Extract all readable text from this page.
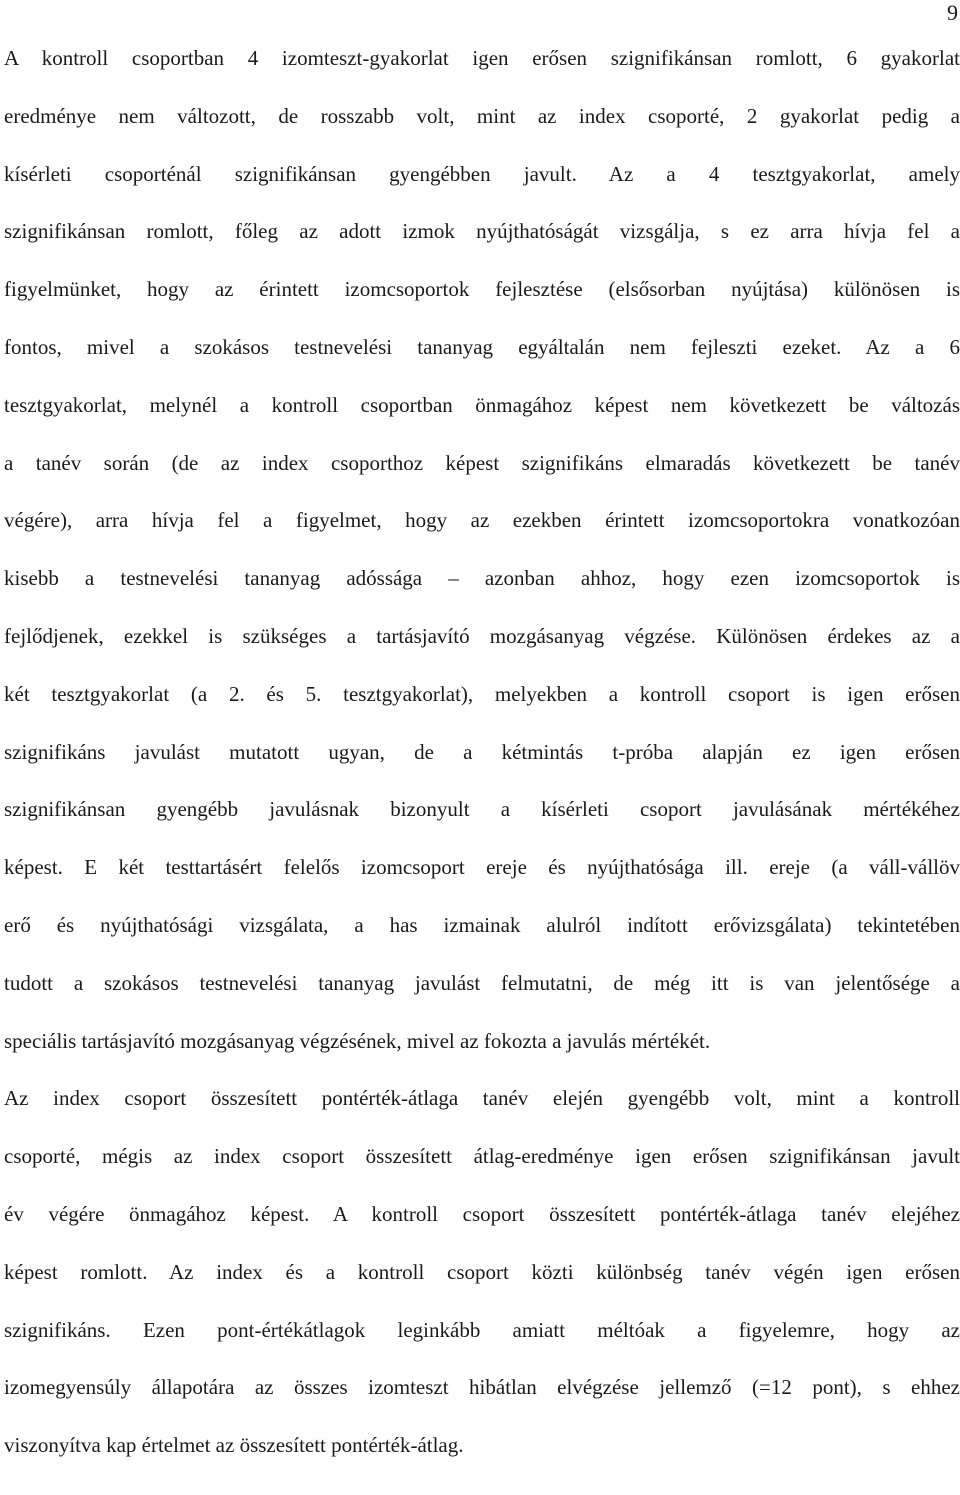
9

A kontroll csoportban 4 izomteszt-gyakorlat igen erősen szignifikánsan romlott, 6 gyakorlat
eredménye nem változott, de rosszabb volt, mint az index csoporté, 2 gyakorlat pedig a
kísérleti csoporténál szignifikánsan gyengébben javult. Az a 4 tesztgyakorlat, amely
szignifikánsan romlott, főleg az adott izmok nyújthatóságát vizsgálja, s ez arra hívja fel a
figyelmünket, hogy az érintett izomcsoportok fejlesztése (elsősorban nyújtása) különösen is
fontos, mivel a szokásos testnevelési tananyag egyáltalán nem fejleszti ezeket. Az a 6
tesztgyakorlat, melynél a kontroll csoportban önmagához képest nem következett be változás
a tanév során (de az index csoporthoz képest szignifikáns elmaradás következett be tanév
végére), arra hívja fel a figyelmet, hogy az ezekben érintett izomcsoportokra vonatkozóan
kisebb a testnevelési tananyag adóssága – azonban ahhoz, hogy ezen izomcsoportok is
fejlődjenek, ezekkel is szükséges a tartásjavító mozgásanyag végzése. Különösen érdekes az a
két tesztgyakorlat (a 2. és 5. tesztgyakorlat), melyekben a kontroll csoport is igen erősen
szignifikáns javulást mutatott ugyan, de a kétmintás t-próba alapján ez igen erősen
szignifikánsan gyengébb javulásnak bizonyult a kísérleti csoport javulásának mértékéhez
képest. E két testtartásért felelős izomcsoport ereje és nyújthatósága ill. ereje (a váll-vállöv
erő és nyújthatósági vizsgálata, a has izmainak alulról indított erővizsgálata) tekintetében
tudott a szokásos testnevelési tananyag javulást felmutatni, de még itt is van jelentősége a
speciális tartásjavító mozgásanyag végzésének, mivel az fokozta a javulás mértékét.

Az index csoport összesített pontérték-átlaga tanév elején gyengébb volt, mint a kontroll
csoporté, mégis az index csoport összesített átlag-eredménye igen erősen szignifikánsan javult
év végére önmagához képest. A kontroll csoport összesített pontérték-átlaga tanév elejéhez
képest romlott. Az index és a kontroll csoport közti különbség tanév végén igen erősen
szignifikáns. Ezen pont-értékátlagok leginkább amiatt méltóak a figyelemre, hogy az
izomegyensúly állapotára az összes izomteszt hibátlan elvégzése jellemző (=12 pont), s ehhez
viszonyítva kap értelmet az összesített pontérték-átlag.
